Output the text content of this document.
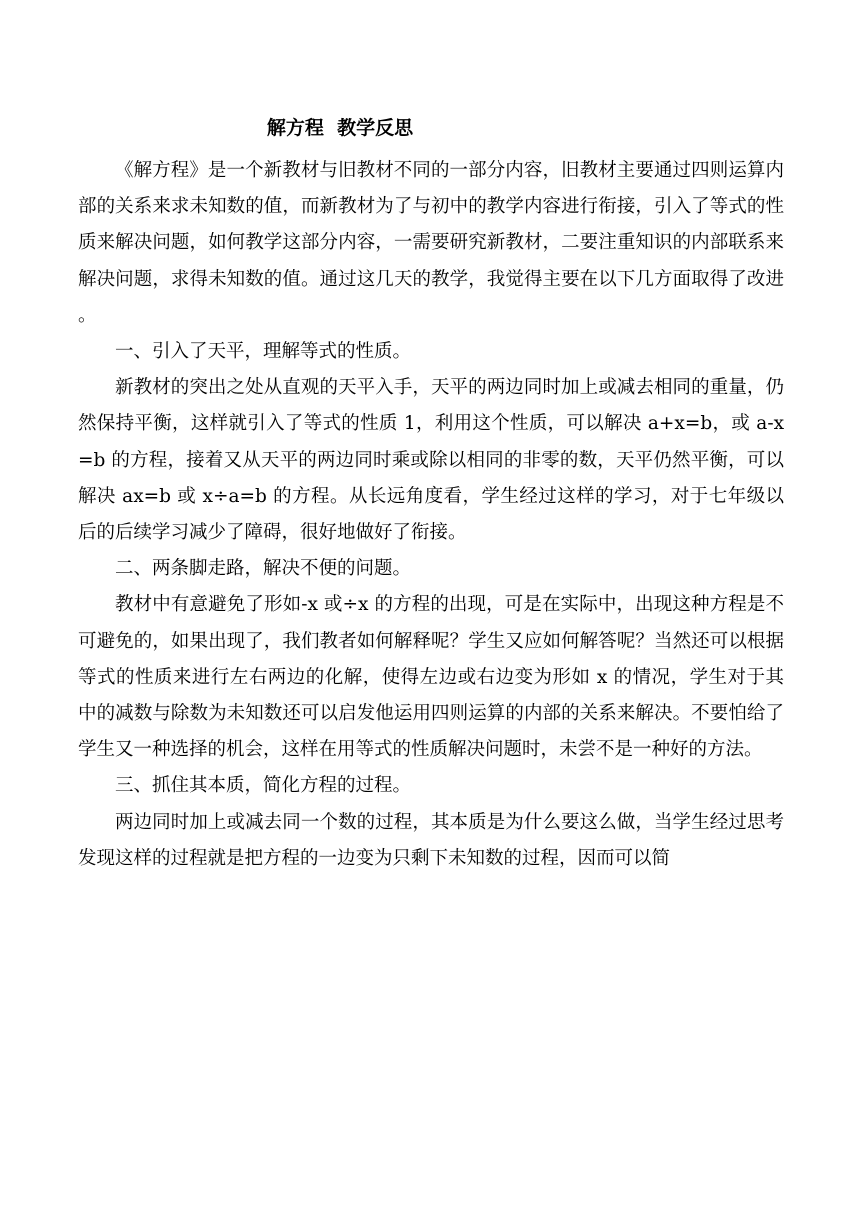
解方程  教学反思

《解方程》是一个新教材与旧教材不同的一部分内容，旧教材主要通过四则运算内部的关系来求未知数的值，而新教材为了与初中的教学内容进行衔接，引入了等式的性质来解决问题，如何教学这部分内容，一需要研究新教材，二要注重知识的内部联系来解决问题，求得未知数的值。通过这几天的教学，我觉得主要在以下几方面取得了改进。

一、引入了天平，理解等式的性质。

新教材的突出之处从直观的天平入手，天平的两边同时加上或减去相同的重量，仍然保持平衡，这样就引入了等式的性质 1，利用这个性质，可以解决 a+x=b，或 a-x=b 的方程，接着又从天平的两边同时乘或除以相同的非零的数，天平仍然平衡，可以解决 ax=b 或 x÷a=b 的方程。从长远角度看，学生经过这样的学习，对于七年级以后的后续学习减少了障碍，很好地做好了衔接。

二、两条脚走路，解决不便的问题。

教材中有意避免了形如-x 或÷x 的方程的出现，可是在实际中，出现这种方程是不可避免的，如果出现了，我们教者如何解释呢？学生又应如何解答呢？当然还可以根据等式的性质来进行左右两边的化解，使得左边或右边变为形如 x 的情况，学生对于其中的减数与除数为未知数还可以启发他运用四则运算的内部的关系来解决。不要怕给了学生又一种选择的机会，这样在用等式的性质解决问题时，未尝不是一种好的方法。

三、抓住其本质，简化方程的过程。

两边同时加上或减去同一个数的过程，其本质是为什么要这么做，当学生经过思考发现这样的过程就是把方程的一边变为只剩下未知数的过程，因而可以简
